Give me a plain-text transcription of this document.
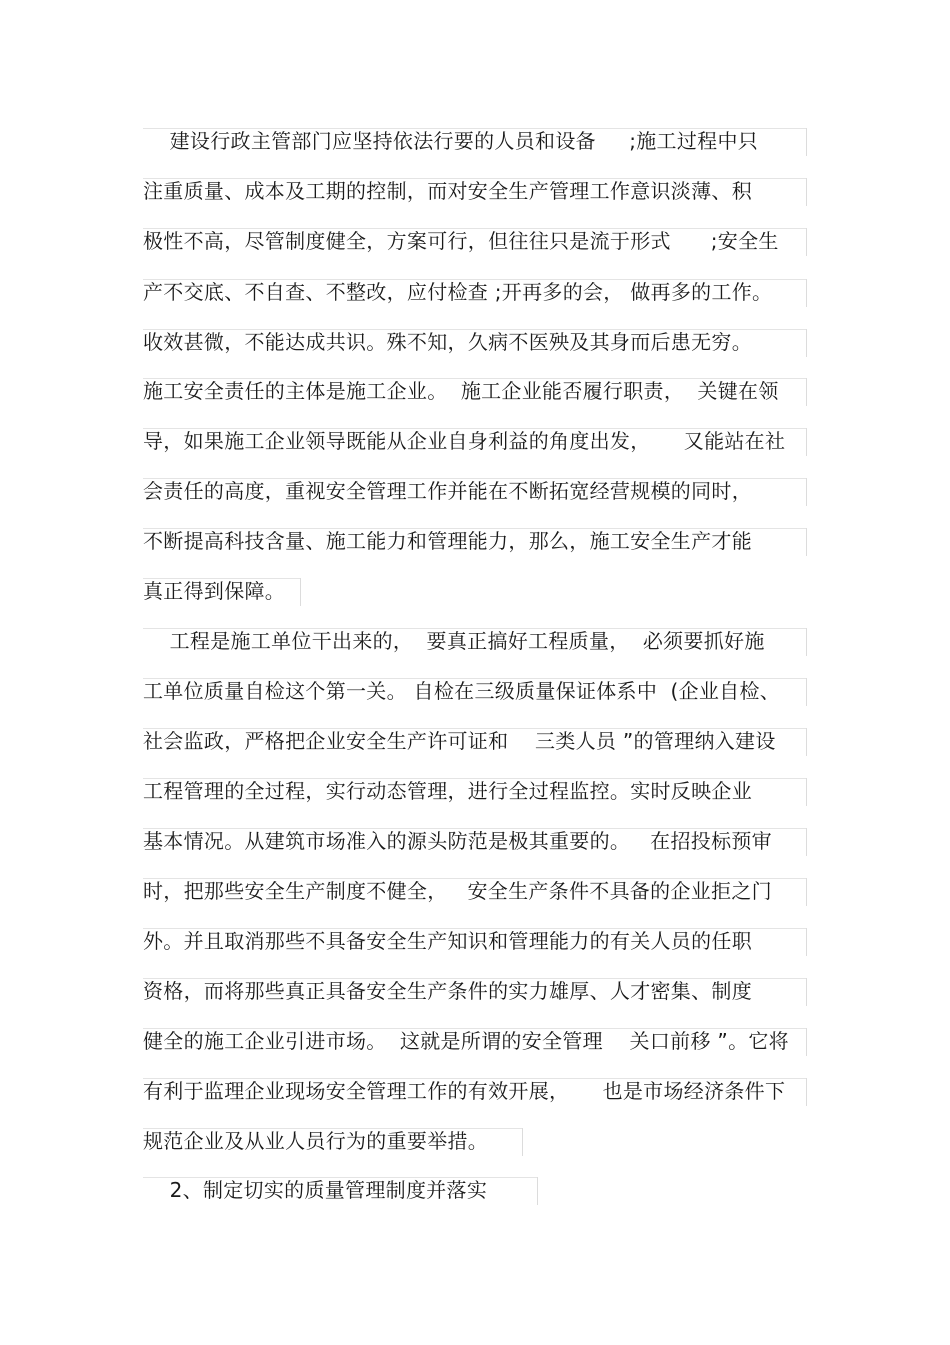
建设行政主管部门应坚持依法行要的人员和设备     ;施工过程中只
注重质量、成本及工期的控制，而对安全生产管理工作意识淡薄、积
极性不高，尽管制度健全，方案可行，但往往只是流于形式      ;安全生
产不交底、不自查、不整改，应付检查 ;开再多的会， 做再多的工作。
收效甚微，不能达成共识。殊不知，久病不医殃及其身而后患无穷。
施工安全责任的主体是施工企业。  施工企业能否履行职责，  关键在领
导，如果施工企业领导既能从企业自身利益的角度出发，     又能站在社
会责任的高度，重视安全管理工作并能在不断拓宽经营规模的同时，
不断提高科技含量、施工能力和管理能力，那么，施工安全生产才能
真正得到保障。
工程是施工单位干出来的，  要真正搞好工程质量，  必须要抓好施
工单位质量自检这个第一关。 自检在三级质量保证体系中  (企业自检、
社会监政，严格把企业安全生产许可证和    三类人员 ”的管理纳入建设
工程管理的全过程，实行动态管理，进行全过程监控。实时反映企业
基本情况。从建筑市场准入的源头防范是极其重要的。   在招投标预审
时，把那些安全生产制度不健全，   安全生产条件不具备的企业拒之门
外。并且取消那些不具备安全生产知识和管理能力的有关人员的任职
资格，而将那些真正具备安全生产条件的实力雄厚、人才密集、制度
健全的施工企业引进市场。  这就是所谓的安全管理    关口前移 ”。它将
有利于监理企业现场安全管理工作的有效开展，     也是市场经济条件下
规范企业及从业人员行为的重要举措。
2、制定切实的质量管理制度并落实
